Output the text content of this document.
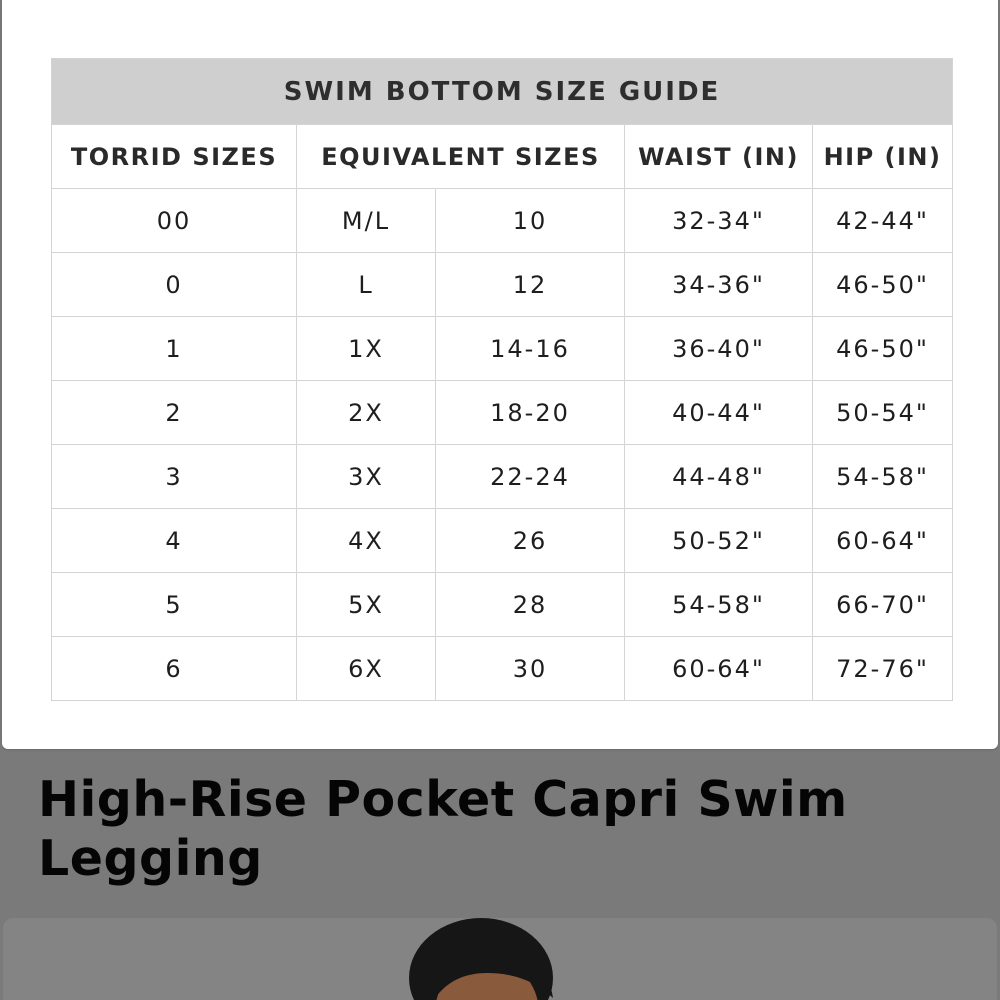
SWIM BOTTOM SIZE GUIDE				
TORRID SIZES	EQUIVALENT SIZES		WAIST (IN)	HIP (IN)
00	M/L	10	32-34"	42-44"
0	L	12	34-36"	46-50"
1	1X	14-16	36-40"	46-50"
2	2X	18-20	40-44"	50-54"
3	3X	22-24	44-48"	54-58"
4	4X	26	50-52"	60-64"
5	5X	28	54-58"	66-70"
6	6X	30	60-64"	72-76"
High-Rise Pocket Capri Swim Legging
